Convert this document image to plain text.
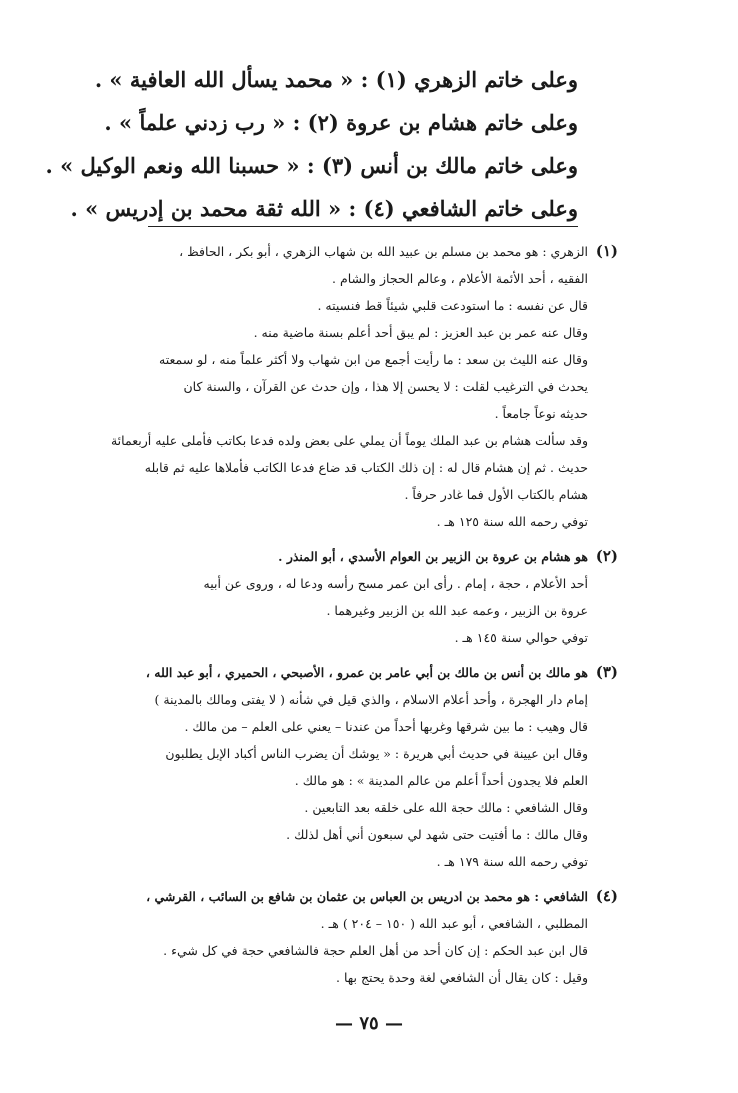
وعلى خاتم الزهري (١) : « محمد يسأل الله العافية » .
وعلى خاتم هشام بن عروة (٢) : « رب زدني علماً » .
وعلى خاتم مالك بن أنس (٣) : « حسبنا الله ونعم الوكيل » .
وعلى خاتم الشافعي (٤) : « الله ثقة محمد بن إدريس » .
(١)
الزهري : هو محمد بن مسلم بن عبيد الله بن شهاب الزهري ، أبو بكر ، الحافظ ،
الفقيه ، أحد الأئمة الأعلام ، وعالم الحجاز والشام .
قال عن نفسه : ما استودعت قلبي شيئاً قط فنسيته .
وقال عنه عمر بن عبد العزيز : لم يبق أحد أعلم بسنة ماضية منه .
وقال عنه الليث بن سعد : ما رأيت أجمع من ابن شهاب ولا أكثر علماً منه ، لو سمعته
يحدث في الترغيب لقلت : لا يحسن إلا هذا ، وإن حدث عن القرآن ، والسنة كان
حديثه نوعاً جامعاً .
وقد سألت هشام بن عبد الملك يوماً أن يملي على بعض ولده فدعا بكاتب فأملى عليه أربعمائة
حديث . ثم إن هشام قال له : إن ذلك الكتاب قد ضاع فدعا الكاتب فأملاها عليه ثم قابله
هشام بالكتاب الأول فما غادر حرفاً .
توفي رحمه الله سنة ١٢٥ هـ .
(٢)
هو هشام بن عروة بن الزبير بن العوام الأسدي ، أبو المنذر .
أحد الأعلام ، حجة ، إمام . رأى ابن عمر مسح رأسه ودعا له ، وروى عن أبيه
عروة بن الزبير ، وعمه عبد الله بن الزبير وغيرهما .
توفي حوالي سنة ١٤٥ هـ .
(٣)
هو مالك بن أنس بن مالك بن أبي عامر بن عمرو ، الأصبحي ، الحميري ، أبو عبد الله ،
إمام دار الهجرة ، وأحد أعلام الاسلام ، والذي قيل في شأنه ( لا يفتى ومالك بالمدينة )
قال وهيب : ما بين شرقها وغربها أحداً من عندنا – يعني على العلم – من مالك .
وقال ابن عيينة في حديث أبي هريرة : « يوشك أن يضرب الناس أكباد الإبل يطلبون
العلم فلا يجدون أحداً أعلم من عالم المدينة » : هو مالك .
وقال الشافعي : مالك حجة الله على خلقه بعد التابعين .
وقال مالك : ما أفتيت حتى شهد لي سبعون أني أهل لذلك .
توفي رحمه الله سنة ١٧٩ هـ .
(٤)
الشافعي : هو محمد بن ادريس بن العباس بن عثمان بن شافع بن السائب ، القرشي ،
المطلبي ، الشافعي ، أبو عبد الله ( ١٥٠ – ٢٠٤ ) هـ .
قال ابن عبد الحكم : إن كان أحد من أهل العلم حجة فالشافعي حجة في كل شيء .
وقيل : كان يقال أن الشافعي لغة وحدة يحتج بها .
— ٧٥ —
